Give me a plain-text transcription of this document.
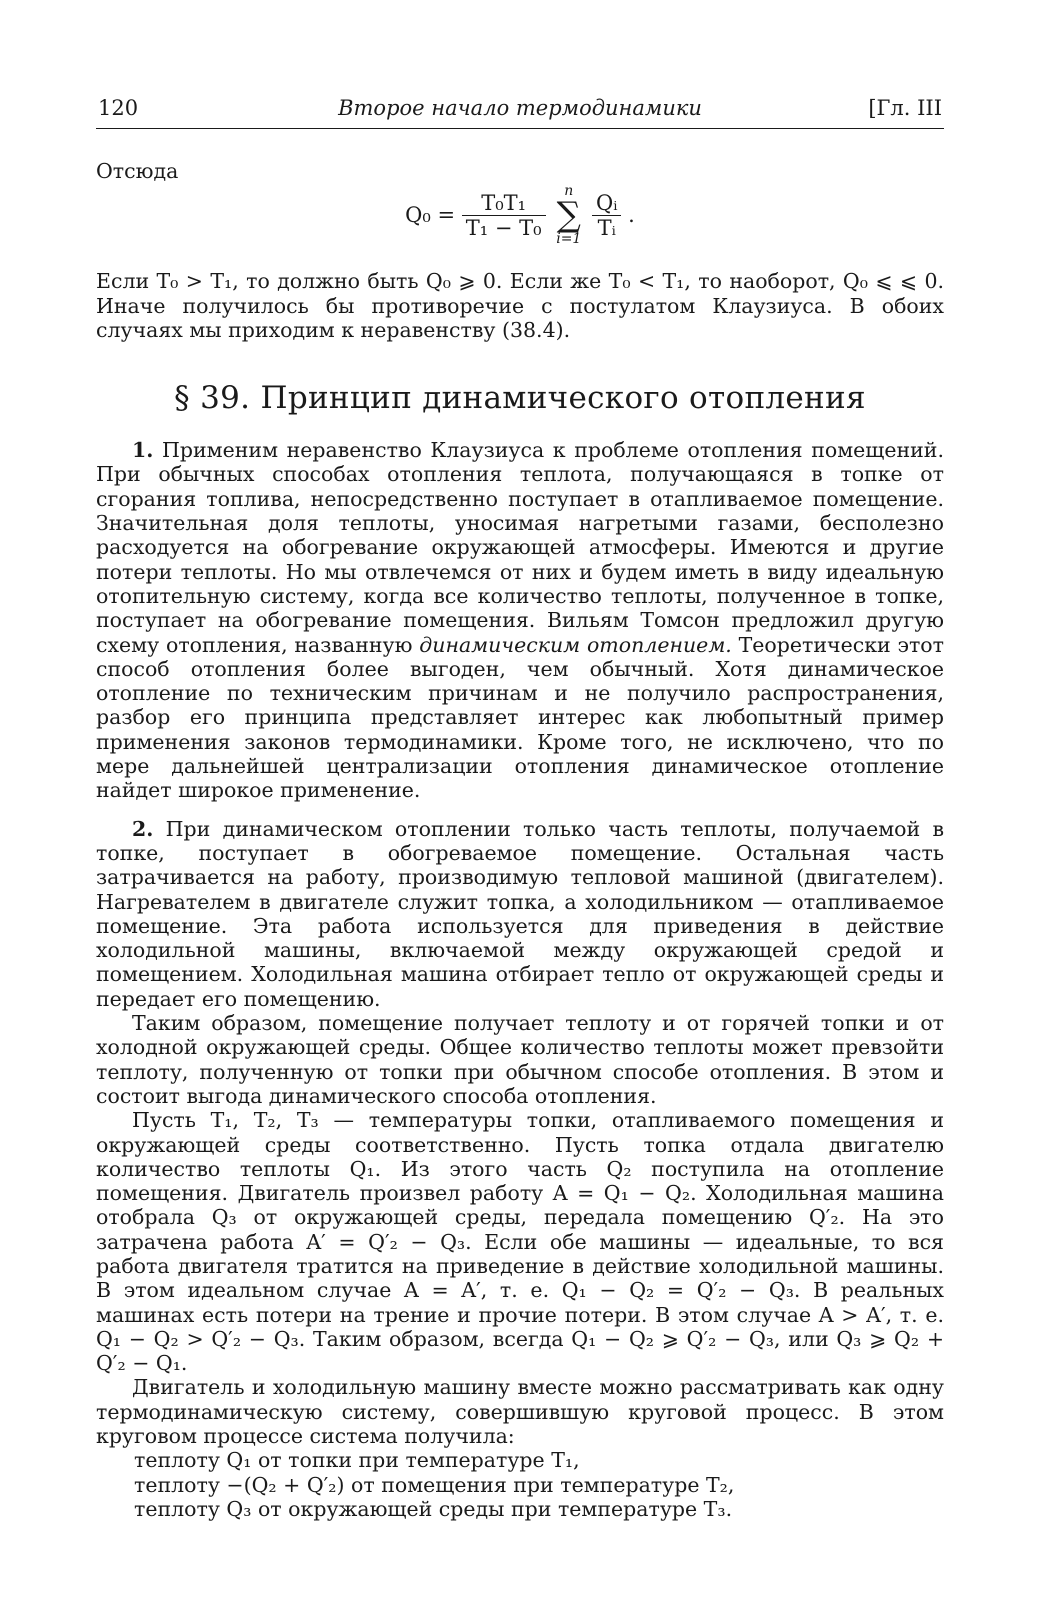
120	Второе начало термодинамики	[Гл. III

Отсюда

$Q_0 = \frac{\text{T₀T₁}}{\text{T₁ − T₀}}$
	n
∑
i=1
$\frac{\text{Qᵢ}}{\text{Tᵢ}}$ .

Если T₀ > T₁, то должно быть Q₀ ⩾ 0. Если же T₀ < T₁, то наоборот, Q₀ ⩽ ⩽ 0. Иначе получилось бы противоречие с постулатом Клаузиуса. В обоих случаях мы приходим к неравенству (38.4).

§ 39. Принцип динамического отопления

1. Применим неравенство Клаузиуса к проблеме отопления помещений. При обычных способах отопления теплота, получающаяся в топке от сгорания топлива, непосредственно поступает в отапливаемое помещение. Значительная доля теплоты, уносимая нагретыми газами, бесполезно расходуется на обогревание окружающей атмосферы. Имеются и другие потери теплоты. Но мы отвлечемся от них и будем иметь в виду идеальную отопительную систему, когда все количество теплоты, полученное в топке, поступает на обогревание помещения. Вильям Томсон предложил другую схему отопления, названную динамическим отоплением. Теоретически этот способ отопления более выгоден, чем обычный. Хотя динамическое отопление по техническим причинам и не получило распространения, разбор его принципа представляет интерес как любопытный пример применения законов термодинамики. Кроме того, не исключено, что по мере дальнейшей централизации отопления динамическое отопление найдет широкое применение.

2. При динамическом отоплении только часть теплоты, получаемой в топке, поступает в обогреваемое помещение. Остальная часть затрачивается на работу, производимую тепловой машиной (двигателем). Нагревателем в двигателе служит топка, а холодильником — отапливаемое помещение. Эта работа используется для приведения в действие холодильной машины, включаемой между окружающей средой и помещением. Холодильная машина отбирает тепло от окружающей среды и передает его помещению.

Таким образом, помещение получает теплоту и от горячей топки и от холодной окружающей среды. Общее количество теплоты может превзойти теплоту, полученную от топки при обычном способе отопления. В этом и состоит выгода динамического способа отопления.

Пусть T₁, T₂, T₃ — температуры топки, отапливаемого помещения и окружающей среды соответственно. Пусть топка отдала двигателю количество теплоты Q₁. Из этого часть Q₂ поступила на отопление помещения. Двигатель произвел работу A = Q₁ − Q₂. Холодильная машина отобрала Q₃ от окружающей среды, передала помещению Q′₂. На это затрачена работа A′ = Q′₂ − Q₃. Если обе машины — идеальные, то вся работа двигателя тратится на приведение в действие холодильной машины. В этом идеальном случае A = A′, т. е. Q₁ − Q₂ = Q′₂ − Q₃. В реальных машинах есть потери на трение и прочие потери. В этом случае A > A′, т. е. Q₁ − Q₂ > Q′₂ − Q₃. Таким образом, всегда Q₁ − Q₂ ⩾ Q′₂ − Q₃, или Q₃ ⩾ Q₂ + Q′₂ − Q₁.

Двигатель и холодильную машину вместе можно рассматривать как одну термодинамическую систему, совершившую круговой процесс. В этом круговом процессе система получила:

теплоту Q₁ от топки при температуре T₁,

теплоту −(Q₂ + Q′₂) от помещения при температуре T₂,

теплоту Q₃ от окружающей среды при температуре T₃.
